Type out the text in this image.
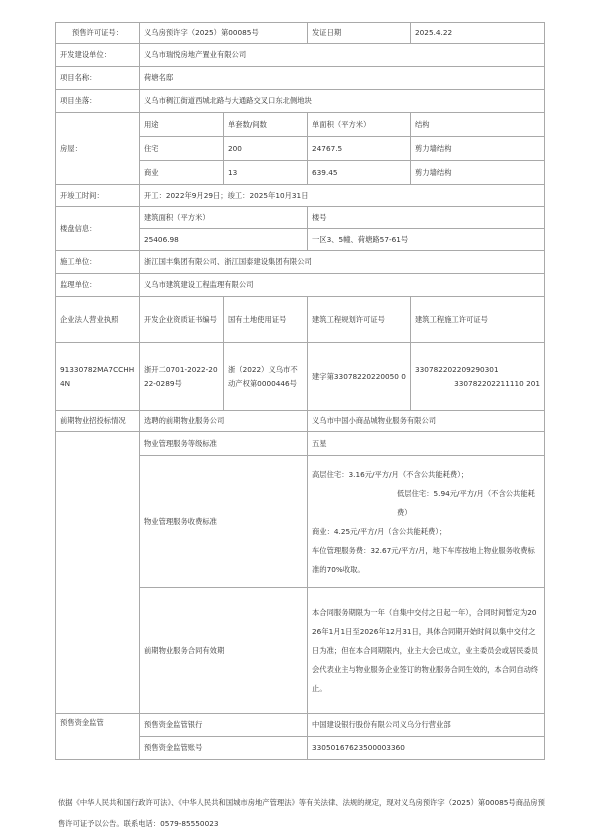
预售许可证号：	义乌房预许字（2025）第00085号		发证日期	2025.4.22
开发建设单位：	义乌市瑞悦房地产置业有限公司			
项目名称：	荷塘名邸			
项目坐落：	义乌市稠江街道西城北路与大通路交叉口东北侧地块			
房屋：	用途	单套数/间数	单面积（平方米）	结构
	住宅	200	24767.5	剪力墙结构
	商业	13	639.45	剪力墙结构
开竣工时间：	开工：2022年9月29日；竣工：2025年10月31日			
楼盘信息：	建筑面积（平方米）		楼号	
	25406.98		一区3、5幢、荷塘路57-61号	
施工单位：	浙江国丰集团有限公司、浙江国泰建设集团有限公司			
监理单位：	义乌市建筑建设工程监理有限公司			
企业法人营业执照	开发企业资质证书编号	国有土地使用证号	建筑工程规划许可证号	建筑工程施工许可证号
91330782MA7CCHH4N	浙开二0701-2022-2022-0289号	浙（2022）义乌市不动产权第0000446号	建字第33078220220050 0	330782202209290301
330782202211110 201

前期物业招投标情况	选聘的前期物业服务公司		义乌市中国小商品城物业服务有限公司	
	物业管理服务等级标准		五星	
	物业管理服务收费标准		高层住宅：3.16元/平方/月（不含公共能耗费）；
低层住宅：5.94元/平方/月（不含公共能耗费）
商业：4.25元/平方/月（含公共能耗费）；
车位管理服务费：32.67元/平方/月，地下车库按地上物业服务收费标准的70%收取。	

	前期物业服务合同有效期		本合同服务期限为一年（自集中交付之日起一年），合同时间暂定为2026年1月1日至2026年12月31日，具体合同期开始时间以集中交付之日为准；但在本合同期限内，业主大会已成立，业主委员会或居民委员会代表业主与物业服务企业签订的物业服务合同生效的，本合同自动终止。	
预售资金监管	预售资金监管银行		中国建设银行股份有限公司义乌分行营业部	
	预售资金监管账号		33050167623500003360	
依据《中华人民共和国行政许可法》、《中华人民共和国城市房地产管理法》等有关法律、法规的规定，现对义乌房预许字（2025）第00085号商品房预售许可证予以公告。联系电话：0579-85550023
